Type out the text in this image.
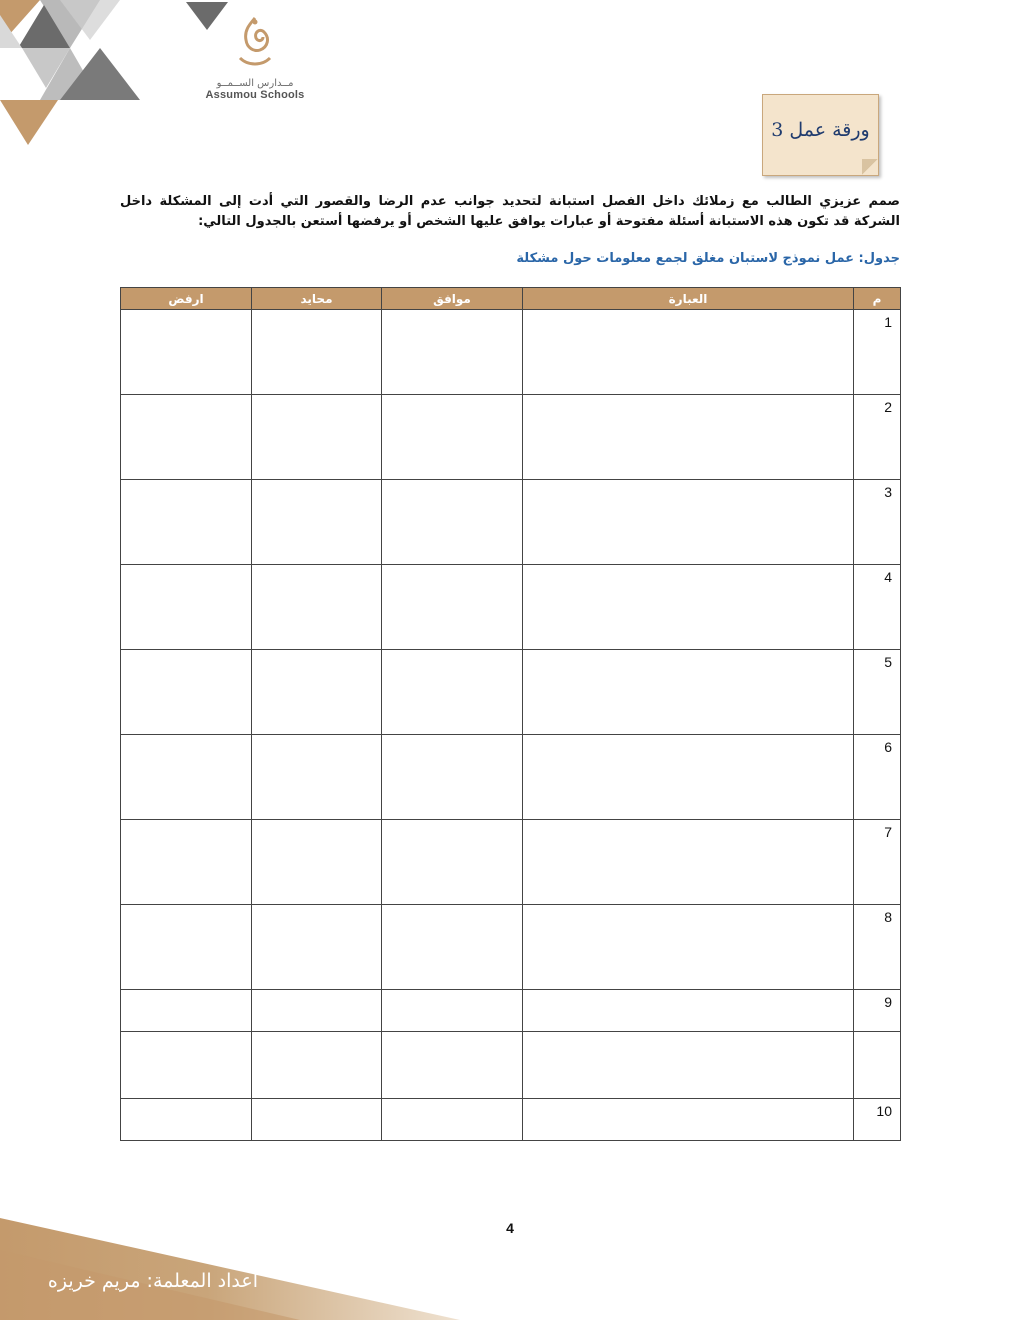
مــدارس الســمــو
Assumou Schools
ورقة عمل 3
صمم عزيزي الطالب مع زملائك داخل الفصل استبانة لتحديد جوانب عدم الرضا والقصور التي أدت إلى المشكلة داخل الشركة قد تكون هذه الاستبانة أسئلة مفتوحة أو عبارات يوافق عليها الشخص أو يرفضها أستعن بالجدول التالي:
جدول: عمل نموذج لاستبان مغلق لجمع معلومات حول مشكلة
م	العبارة	موافق	محايد	ارفض
1				
2				
3				
4				
5				
6				
7				
8				
9				

10				
4
أعداد المعلمة: مريم خريزه
